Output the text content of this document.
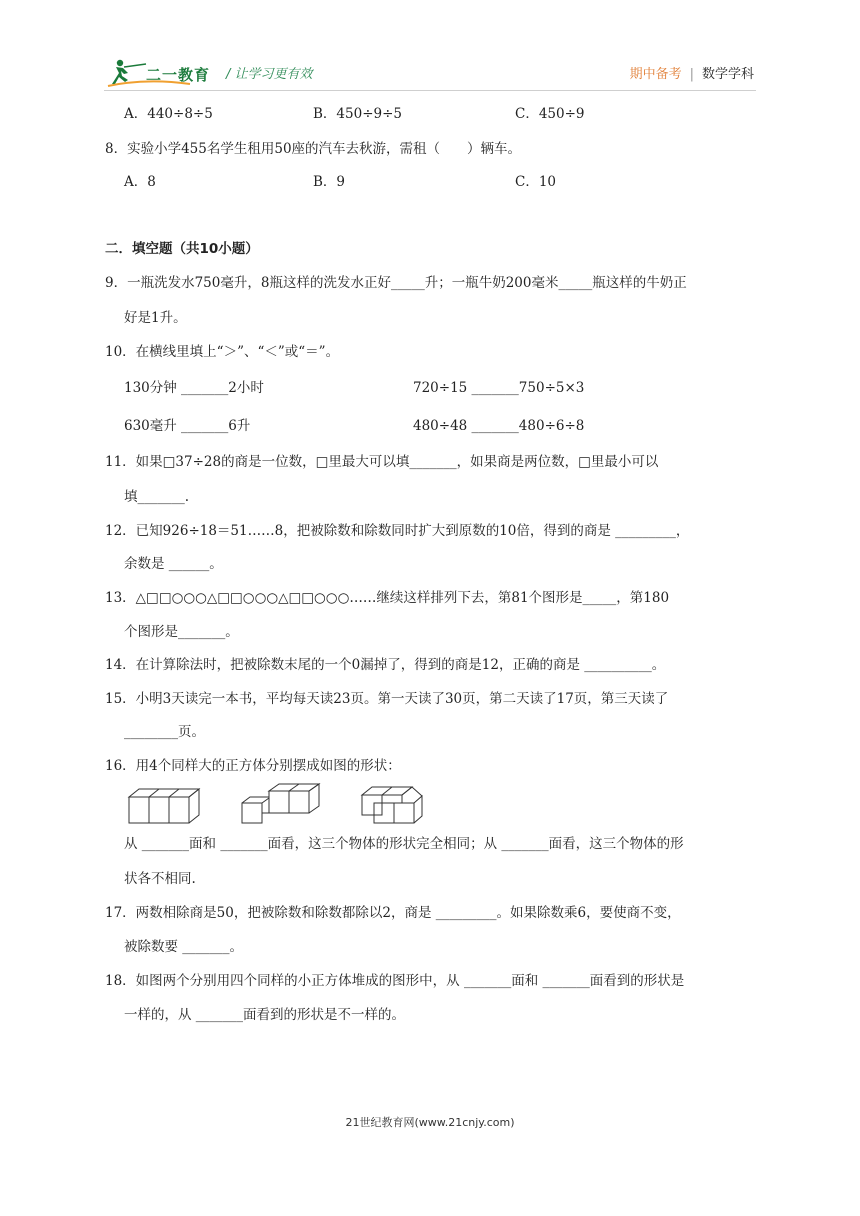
二一教育 / 让学习更有效	期中备考 | 数学学科
A．440÷8÷5	B．450÷9÷5	C．450÷9
8．实验小学455名学生租用50座的汽车去秋游，需租（　　）辆车。
A．8	B．9	C．10
二．填空题（共10小题）
9．一瓶洗发水750毫升，8瓶这样的洗发水正好_____升；一瓶牛奶200毫米_____瓶这样的牛奶正
好是1升。
10．在横线里填上“＞”、“＜”或“＝”。
130分钟 _______2小时	720÷15 _______750÷5×3
630毫升 _______6升	480÷48 _______480÷6÷8
11．如果□37÷28的商是一位数，□里最大可以填_______，如果商是两位数，□里最小可以
填_______.
12．已知926÷18＝51……8，把被除数和除数同时扩大到原数的10倍，得到的商是 _________，
余数是 ______。
13．△□□○○○△□□○○○△□□○○○……继续这样排列下去，第81个图形是_____，第180
个图形是_______。
14．在计算除法时，把被除数末尾的一个0漏掉了，得到的商是12，正确的商是 __________。
15．小明3天读完一本书，平均每天读23页。第一天读了30页，第二天读了17页，第三天读了
________页。
16．用4个同样大的正方体分别摆成如图的形状：
从 _______面和 _______面看，这三个物体的形状完全相同；从 _______面看，这三个物体的形
状各不相同.
17．两数相除商是50，把被除数和除数都除以2，商是 _________。如果除数乘6，要使商不变，
被除数要 _______。
18．如图两个分别用四个同样的小正方体堆成的图形中，从 _______面和 _______面看到的形状是
一样的，从 _______面看到的形状是不一样的。
21世纪教育网(www.21cnjy.com)
